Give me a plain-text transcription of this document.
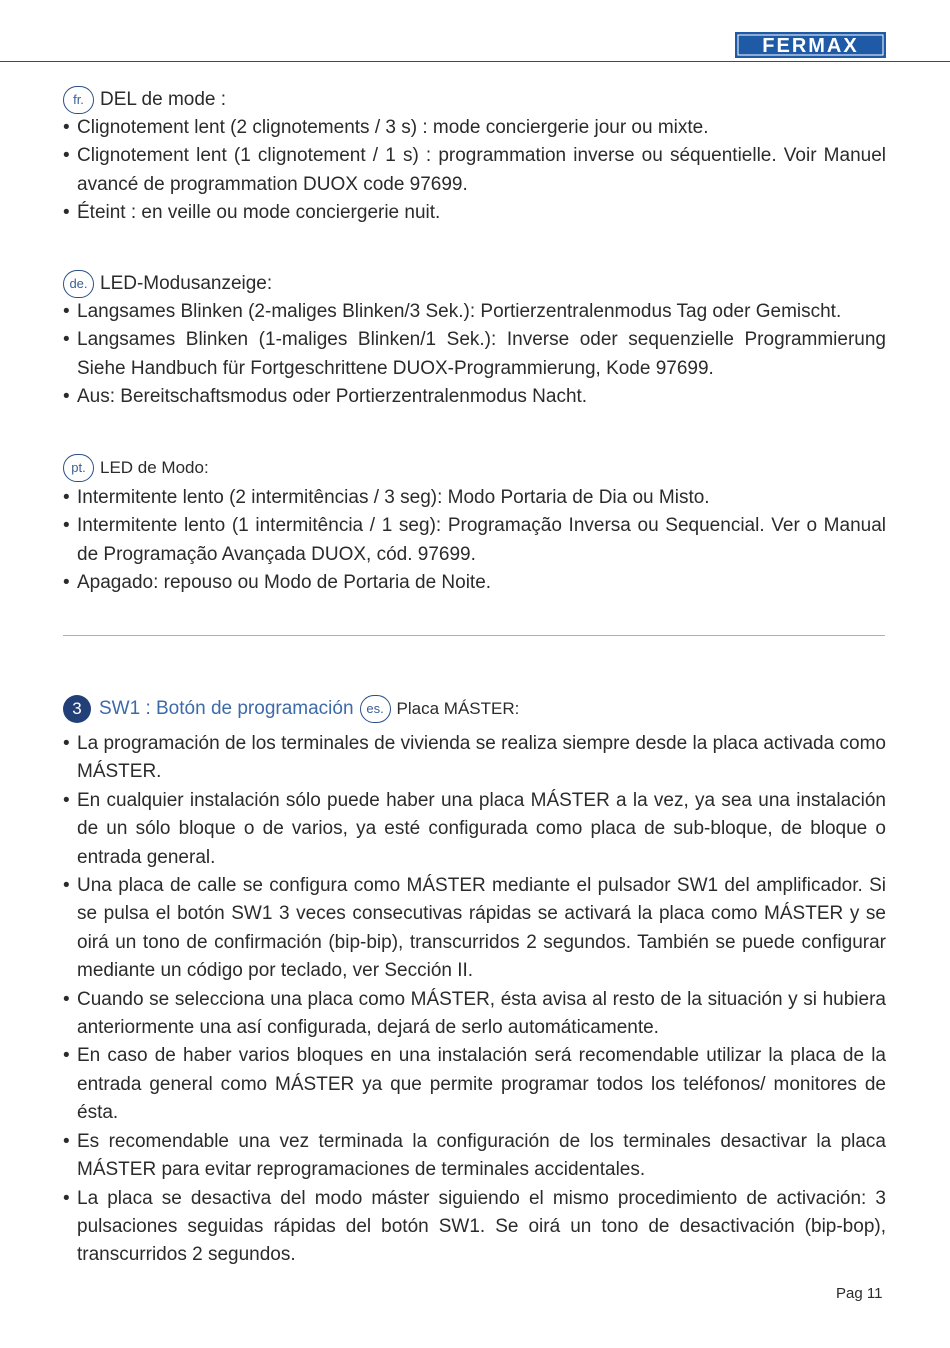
FERMAX
fr. DEL de mode :
• Clignotement lent (2 clignotements / 3 s) : mode conciergerie jour ou mixte.
• Clignotement lent (1 clignotement / 1 s) : programmation inverse ou séquentielle. Voir Manuel avancé de programmation DUOX code 97699.
• Éteint : en veille ou mode conciergerie nuit.
de. LED-Modusanzeige:
• Langsames Blinken (2-maliges Blinken/3 Sek.): Portierzentralenmodus Tag oder Gemischt.
• Langsames Blinken (1-maliges Blinken/1 Sek.): Inverse oder sequenzielle Programmierung Siehe Handbuch für Fortgeschrittene DUOX-Programmierung, Kode 97699.
• Aus: Bereitschaftsmodus oder Portierzentralenmodus Nacht.
pt. LED de Modo:
• Intermitente lento (2 intermitências / 3 seg): Modo Portaria de Dia ou Misto.
• Intermitente lento (1 intermitência / 1 seg): Programação Inversa ou Sequencial. Ver o Manual de Programação Avançada DUOX, cód. 97699.
• Apagado: repouso ou Modo de Portaria de Noite.
3 SW1 : Botón de programación es. Placa MÁSTER:
• La programación de los terminales de vivienda se realiza siempre desde la placa activada como MÁSTER.
• En cualquier instalación sólo puede haber una placa MÁSTER a la vez, ya sea una instalación de un sólo bloque o de varios, ya esté configurada como placa de sub-bloque, de bloque o entrada general.
• Una placa de calle se configura como MÁSTER mediante el pulsador SW1 del amplificador. Si se pulsa el botón SW1 3 veces consecutivas rápidas se activará la placa como MÁSTER y se oirá un tono de confirmación (bip-bip), transcurridos 2 segundos. También se puede configurar mediante un código por teclado, ver Sección II.
• Cuando se selecciona una placa como MÁSTER, ésta avisa al resto de la situación y si hubiera anteriormente una así configurada, dejará de serlo automáticamente.
• En caso de haber varios bloques en una instalación será recomendable utilizar la placa de la entrada general como MÁSTER ya que permite programar todos los teléfonos/ monitores de ésta.
• Es recomendable una vez terminada la configuración de los terminales desactivar la placa MÁSTER para evitar reprogramaciones de terminales accidentales.
• La placa se desactiva del modo máster siguiendo el mismo procedimiento de activación: 3 pulsaciones seguidas rápidas del botón SW1. Se oirá un tono de desactivación (bip-bop), transcurridos 2 segundos.
Pag 11
